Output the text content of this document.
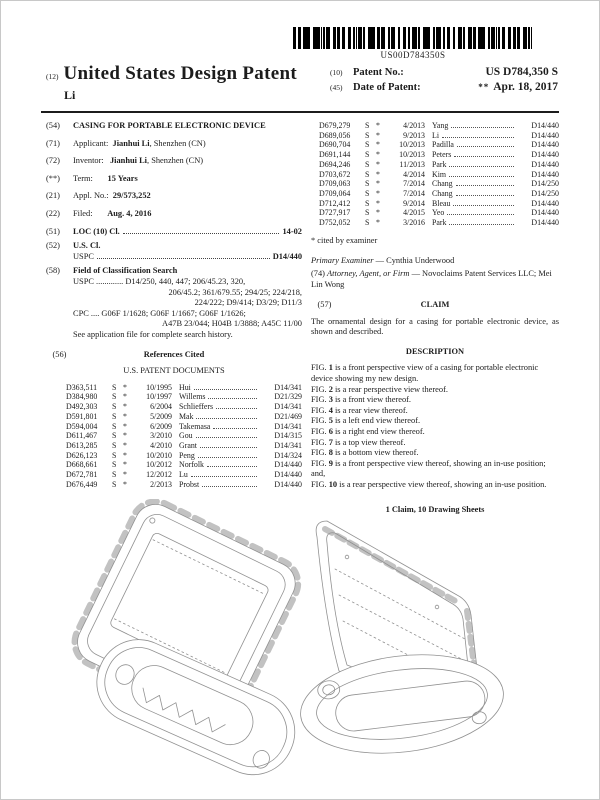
US00D784350S
(12) United States Design Patent
Li
(10)	Patent No.:	US D784,350 S
(45)	Date of Patent:	** Apr. 18, 2017
(54)	CASING FOR PORTABLE ELECTRONIC DEVICE
(71)	Applicant: Jianhui Li, Shenzhen (CN)
(72)	Inventor: Jianhui Li, Shenzhen (CN)
(**)	Term: 15 Years
(21)	Appl. No.: 29/573,252
(22)	Filed: Aug. 4, 2016
(51)	LOC (10) Cl.	14-02
(52)	U.S. Cl.
USPC	D14/440
(58)	Field of Classification Search
USPC ............. D14/250, 440, 447; 206/45.23, 320,
206/45.2; 361/679.55; 294/25; 224/218,
224/222; D9/414; D3/29; D11/3
CPC .... G06F 1/1628; G06F 1/1667; G06F 1/1626;
A47B 23/044; H04B 1/3888; A45C 11/00
See application file for complete search history.
(56)	References Cited
U.S. PATENT DOCUMENTS
D363,511	S *	10/1995 Hui	D14/341
D384,980	S *	10/1997 Willems	D21/329
D492,303	S *	6/2004 Schlieffers	D14/341
D591,801	S *	5/2009 Mak	D21/469
D594,004	S *	6/2009 Takemasa	D14/341
D611,467	S *	3/2010 Gou	D14/315
D613,285	S *	4/2010 Grant	D14/341
D626,123	S *	10/2010 Peng	D14/324
D668,661	S *	10/2012 Norfolk	D14/440
D672,781	S *	12/2012 Lu	D14/440
D676,449	S *	2/2013 Probst	D14/440
D679,279	S *	4/2013 Yang	D14/440
D689,056	S *	9/2013 Li	D14/440
D690,704	S *	10/2013 Padilla	D14/440
D691,144	S *	10/2013 Peters	D14/440
D694,246	S *	11/2013 Park	D14/440
D703,672	S *	4/2014 Kim	D14/440
D709,063	S *	7/2014 Chang	D14/250
D709,064	S *	7/2014 Chang	D14/250
D712,412	S *	9/2014 Bleau	D14/440
D727,917	S *	4/2015 Yeo	D14/440
D752,052	S *	3/2016 Park	D14/440
* cited by examiner
Primary Examiner — Cynthia Underwood
(74) Attorney, Agent, or Firm — Novoclaims Patent Services LLC; Mei Lin Wong
(57)	CLAIM
The ornamental design for a casing for portable electronic device, as shown and described.
DESCRIPTION
FIG. 1 is a front perspective view of a casing for portable electronic device showing my new design.
FIG. 2 is a rear perspective view thereof.
FIG. 3 is a front view thereof.
FIG. 4 is a rear view thereof.
FIG. 5 is a left end view thereof.
FIG. 6 is a right end view thereof.
FIG. 7 is a top view thereof.
FIG. 8 is a bottom view thereof.
FIG. 9 is a front perspective view thereof, showing an in-use position; and,
FIG. 10 is a rear perspective view thereof, showing an in-use position.
1 Claim, 10 Drawing Sheets
